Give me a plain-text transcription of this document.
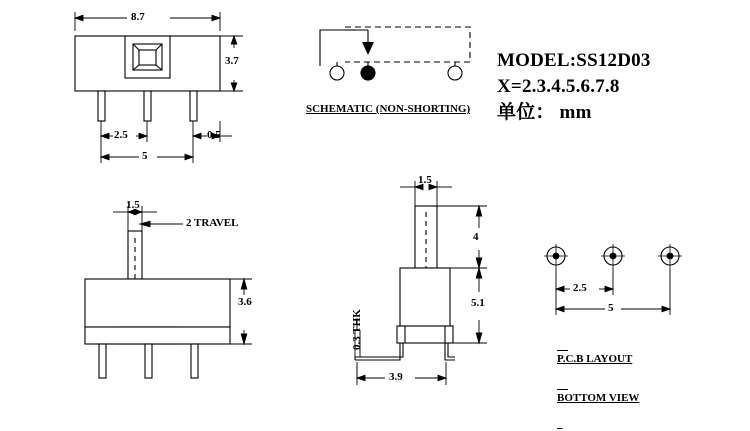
MODEL:SS12D03
X=2.3.4.5.6.7.8
单位： mm
SCHEMATIC (NON-SHORTING)

P.C.B LAYOUT

BOTTOM VIEW

8.7
3.7
2.5	0.5
5
1.5
2 TRAVEL
3.6
1.5
4
5.1
0.3 THK
3.9
2.5
5
